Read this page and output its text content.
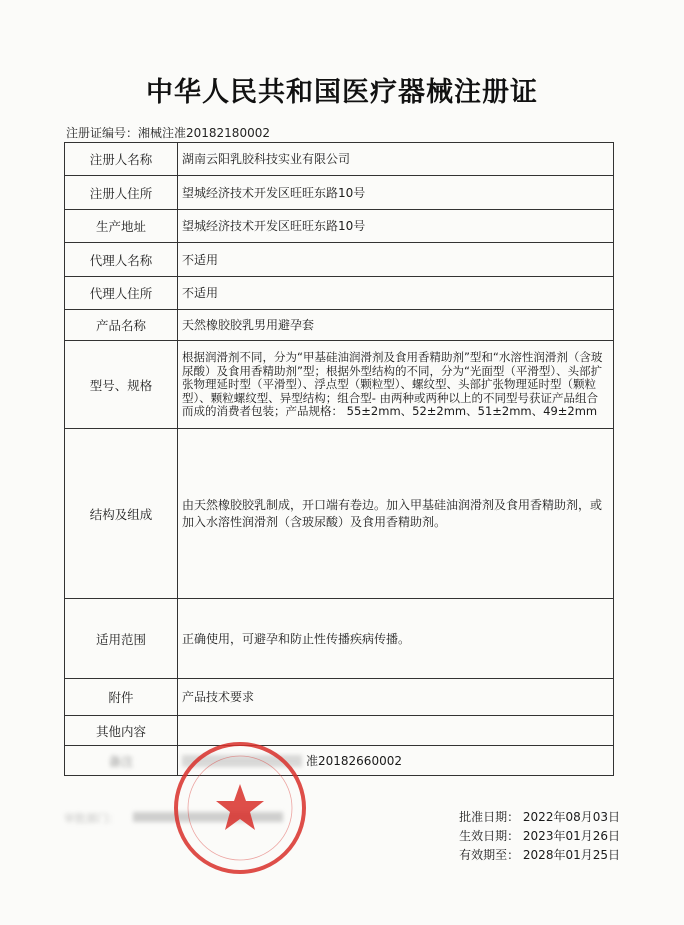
中华人民共和国医疗器械注册证
注册证编号：湘械注准20182180002
注册人名称	湖南云阳乳胶科技实业有限公司
注册人住所	望城经济技术开发区旺旺东路10号
生产地址	望城经济技术开发区旺旺东路10号
代理人名称	不适用
代理人住所	不适用
产品名称	天然橡胶胶乳男用避孕套
型号、规格	根据润滑剂不同，分为“甲基硅油润滑剂及食用香精助剂”型和“水溶性润滑剂（含玻尿酸）及食用香精助剂”型；根据外型结构的不同，分为“光面型（平滑型）、头部扩张物理延时型（平滑型）、浮点型（颗粒型）、螺纹型、头部扩张物理延时型（颗粒型）、颗粒螺纹型、异型结构；组合型- 由两种或两种以上的不同型号获证产品组合而成的消费者包装；产品规格： 55±2mm、52±2mm、51±2mm、49±2mm
结构及组成	由天然橡胶胶乳制成，开口端有卷边。加入甲基硅油润滑剂及食用香精助剂，或加入水溶性润滑剂（含玻尿酸）及食用香精助剂。
适用范围	正确使用，可避孕和防止性传播疾病传播。
附件	产品技术要求
其他内容	
备注	准20182660002
审批部门：	批准日期： 2022年08月03日
生效日期： 2023年01月26日
有效期至： 2028年01月25日
